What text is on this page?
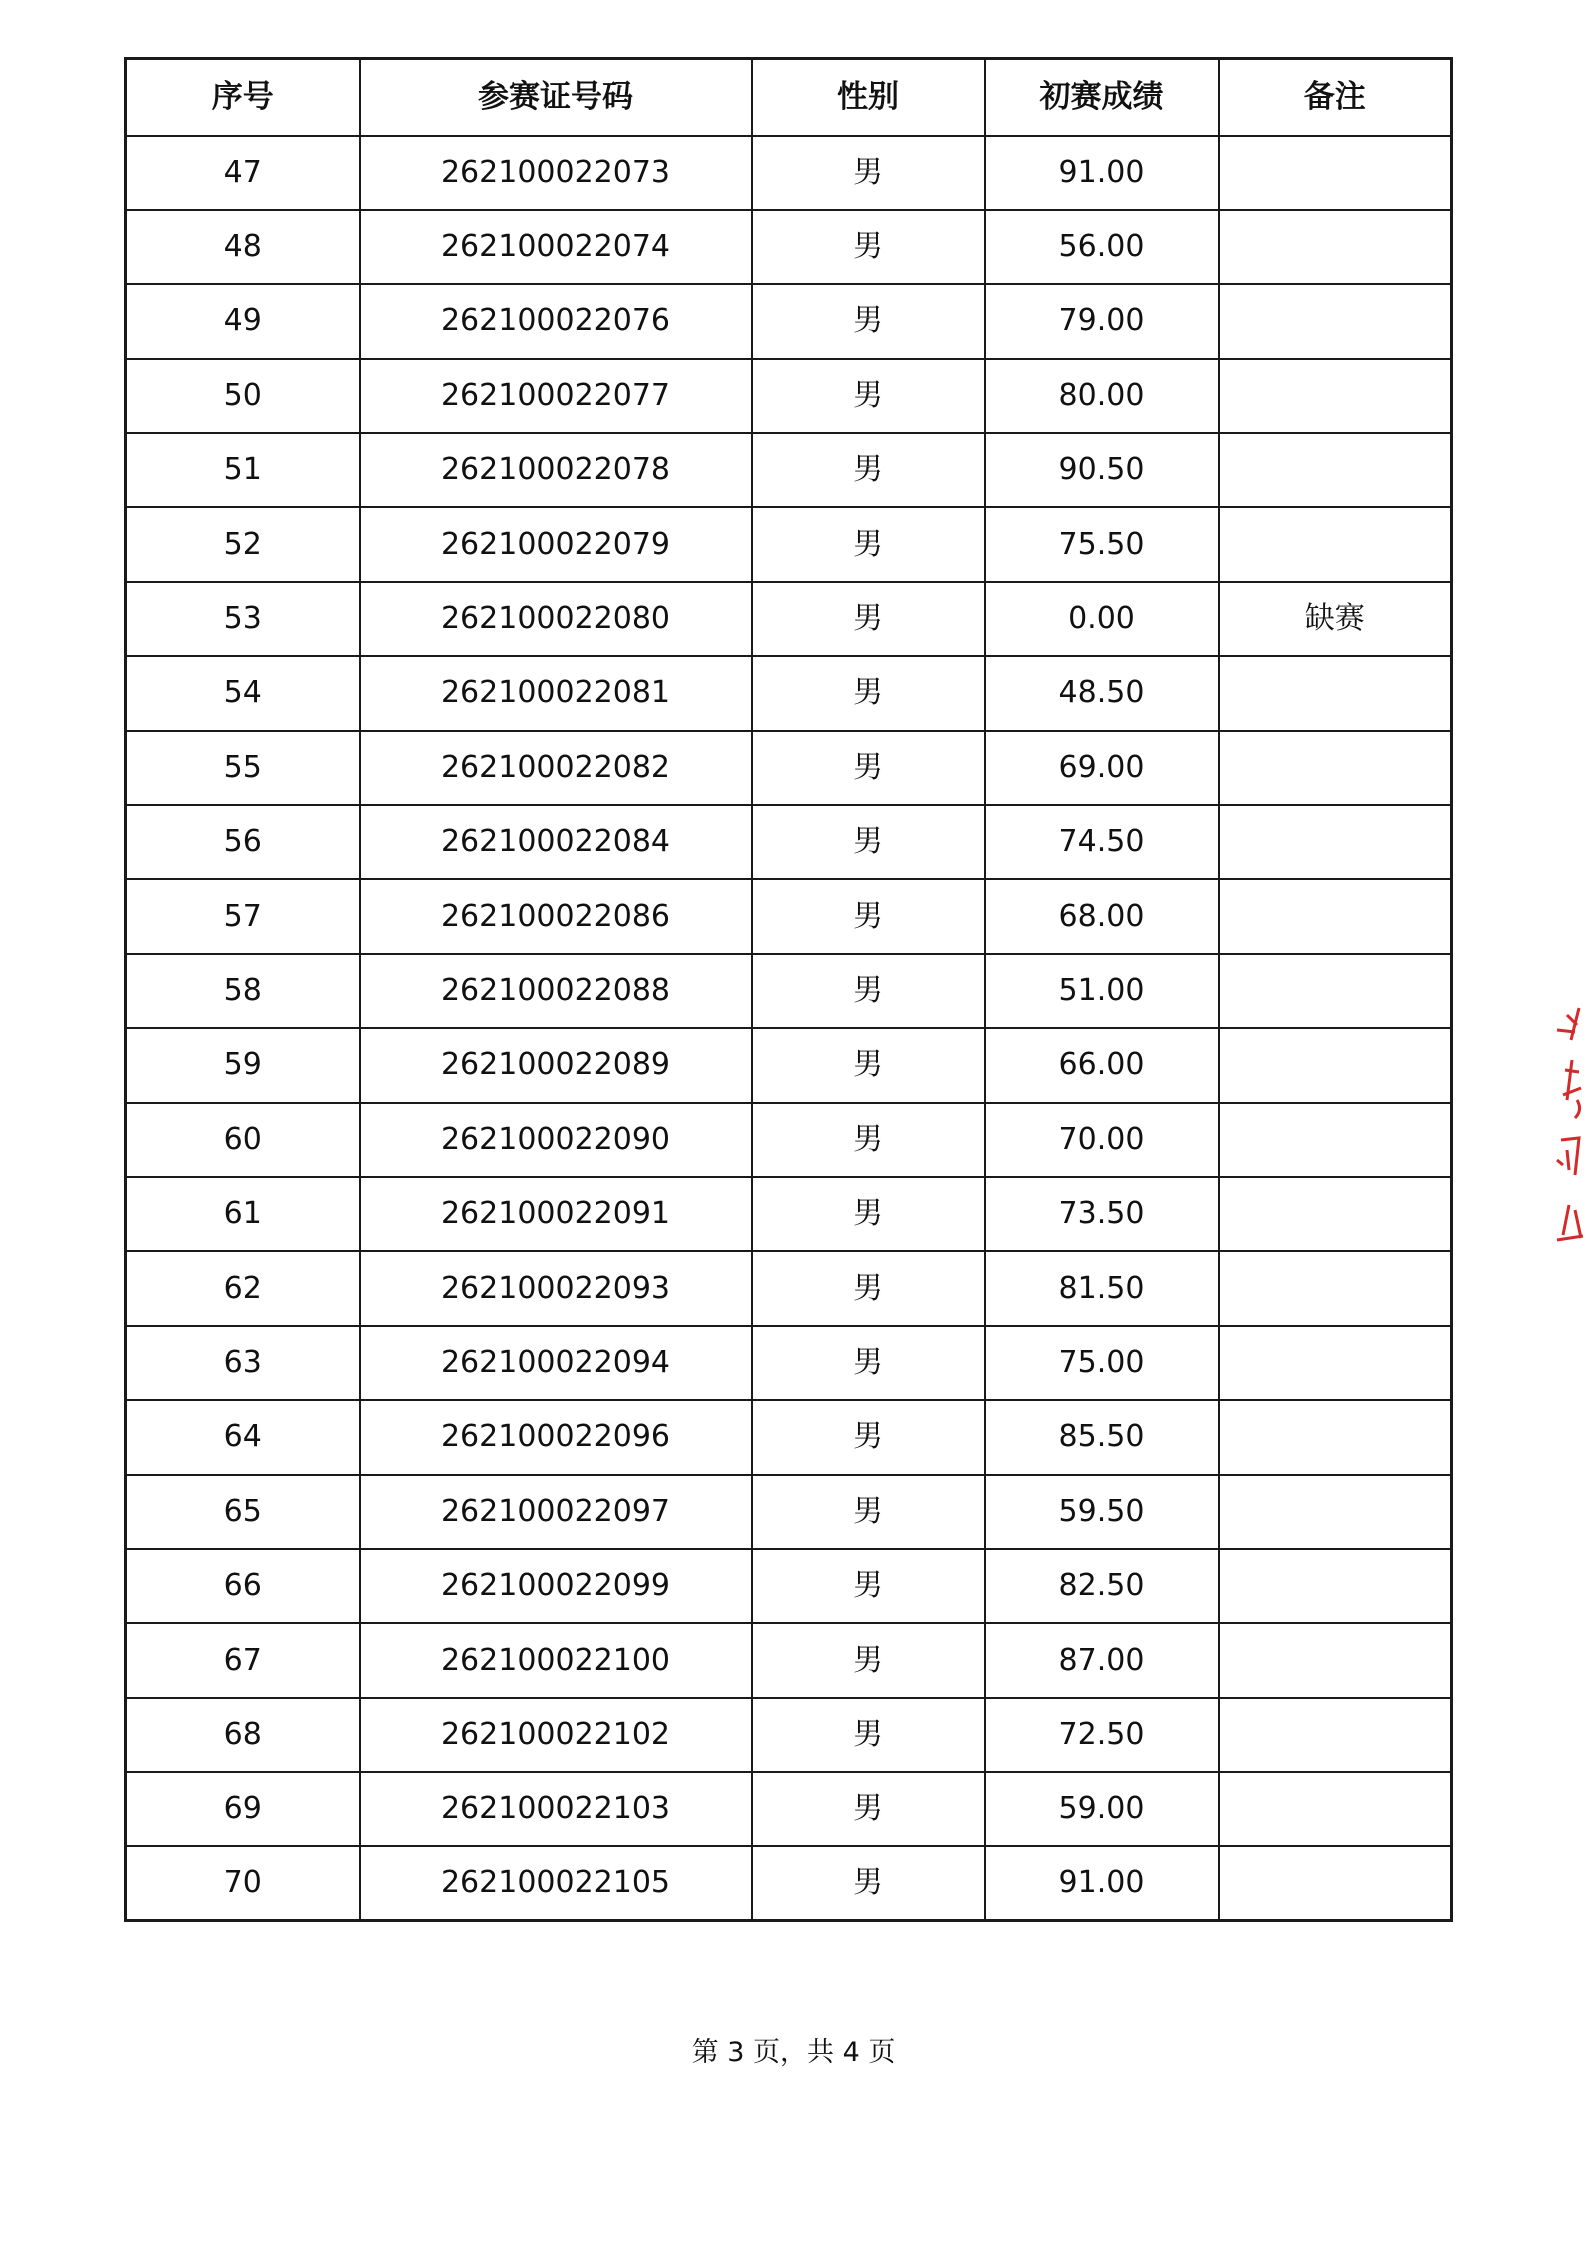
序号	参赛证号码	性别	初赛成绩	备注
47	262100022073	男	91.00	
48	262100022074	男	56.00	
49	262100022076	男	79.00	
50	262100022077	男	80.00	
51	262100022078	男	90.50	
52	262100022079	男	75.50	
53	262100022080	男	0.00	缺赛
54	262100022081	男	48.50	
55	262100022082	男	69.00	
56	262100022084	男	74.50	
57	262100022086	男	68.00	
58	262100022088	男	51.00	
59	262100022089	男	66.00	
60	262100022090	男	70.00	
61	262100022091	男	73.50	
62	262100022093	男	81.50	
63	262100022094	男	75.00	
64	262100022096	男	85.50	
65	262100022097	男	59.50	
66	262100022099	男	82.50	
67	262100022100	男	87.00	
68	262100022102	男	72.50	
69	262100022103	男	59.00	
70	262100022105	男	91.00	
第 3 页，共 4 页
